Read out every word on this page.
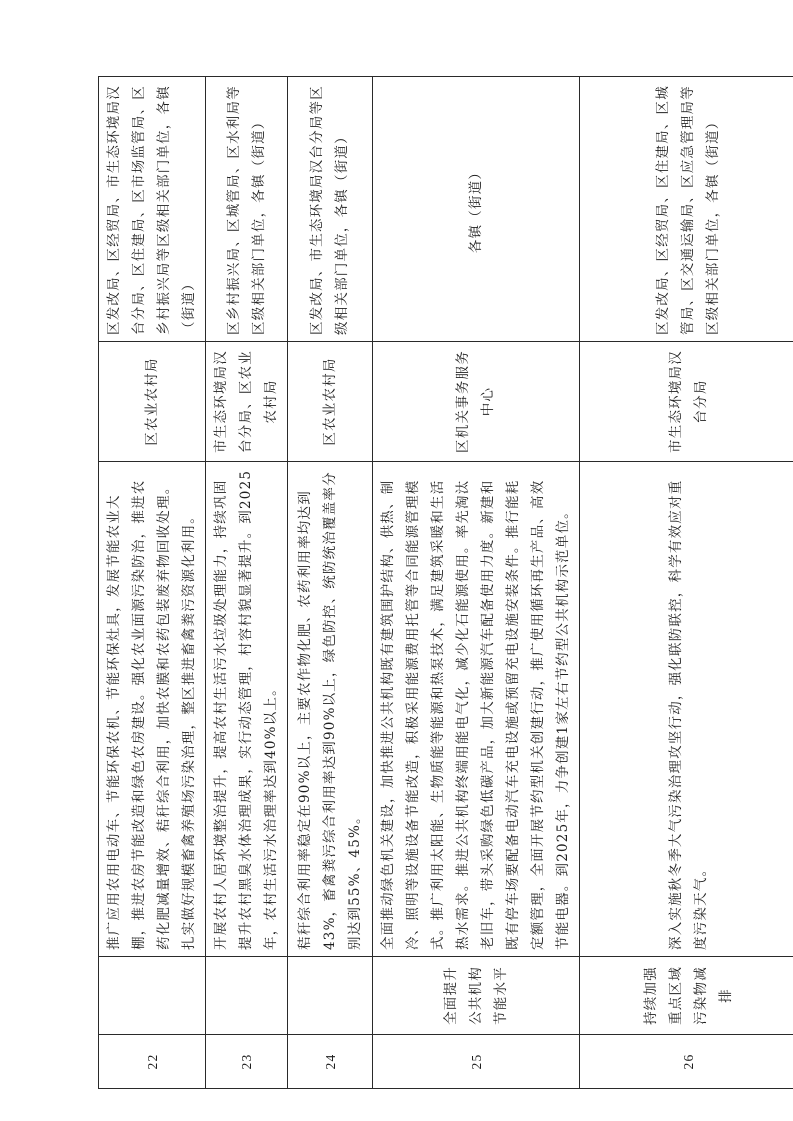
22		推广应用农用电动车、节能环保农机、节能环保灶具，发展节能农业大棚，推进农房节能改造和绿色农房建设。强化农业面源污染防治，推进农药化肥减量增效、秸秆综合利用，加快农膜和农药包装废弃物回收处理。扎实做好规模畜禽养殖场污染治理，整区推进畜禽粪污资源化利用。	区农业农村局	区发改局、区经贸局、市生态环境局汉台分局、区住建局、区市场监管局、区乡村振兴局等区级相关部门单位，各镇（街道）
23		开展农村人居环境整治提升，提高农村生活污水垃圾处理能力，持续巩固提升农村黑臭水体治理成果，实行动态管理，村容村貌显著提升。到2025年，农村生活污水治理率达到40%以上。	市生态环境局汉台分局、区农业农村局	区乡村振兴局、区城管局、区水利局等区级相关部门单位，各镇（街道）
24		秸秆综合利用率稳定在90%以上，主要农作物化肥、农药利用率均达到43%，畜禽粪污综合利用率达到90%以上，绿色防控、统防统治覆盖率分别达到55%、45%。	区农业农村局	区发改局、市生态环境局汉台分局等区级相关部门单位，各镇（街道）
25	全面提升公共机构节能水平	全面推动绿色机关建设，加快推进公共机构既有建筑围护结构、供热、制冷、照明等设施设备节能改造，积极采用能源费用托管等合同能源管理模式。推广利用太阳能、生物质能等能源和热泵技术，满足建筑采暖和生活热水需求。推进公共机构终端用能电气化，减少化石能源使用。率先淘汰老旧车，带头采购绿色低碳产品，加大新能源汽车配备使用力度。新建和既有停车场要配备电动汽车充电设施或预留充电设施安装条件。推行能耗定额管理，全面开展节约型机关创建行动，推广使用循环再生产品、高效节能电器。到2025年，力争创建1家左右节约型公共机构示范单位。	区机关事务服务中心	各镇（街道）
26	持续加强重点区域污染物减排	深入实施秋冬季大气污染治理攻坚行动，强化联防联控，科学有效应对重度污染天气。	市生态环境局汉台分局	区发改局、区经贸局、区住建局、区城管局、区交通运输局、区应急管理局等区级相关部门单位，各镇（街道）
